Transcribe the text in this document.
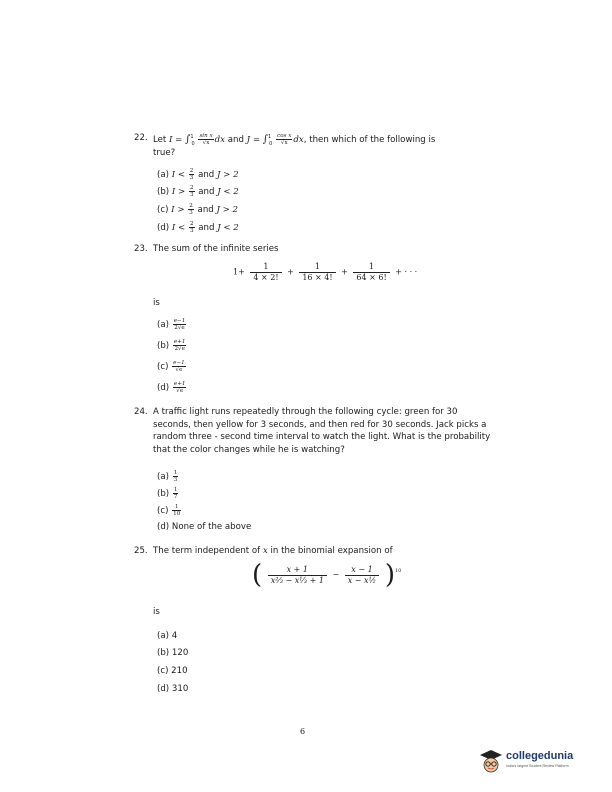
22. Let $I = \int^1_0 \frac{\text{sin x}}{√x}$ dx and $J = \int^1_0 \frac{\text{cos x}}{√x}$ dx, then which of the following is
true?
(a) $I < \frac{2}{3}$ and J > 2
(b) $I > \frac{2}{3}$ and J < 2
(c) $I > \frac{2}{3}$ and J > 2
(d) $I < \frac{2}{3}$ and J < 2
23. The sum of the infinite series
$1+ \frac{1}{4 \times 2!} + \frac{1}{16 \times 4!} + \frac{1}{64 \times 6!}$ + · · ·
is
$(a) \frac{e-1}{2√e}$
$(b) \frac{e+1}{2√e}$
$(c) \frac{e-1}{√e}$
$(d) \frac{e+1}{√e}$
24. A traffic light runs repeatedly through the following cycle: green for 30 seconds, then yellow for 3 seconds, and then red for 30 seconds. Jack picks a random three - second time interval to watch the light. What is the probability that the color changes while he is watching?
$(a) \frac{1}{3}$
$(b) \frac{1}{7}$
$(c) \frac{1}{10}$
(d) None of the above
25. The term independent of x in the binomial expansion of
( $\frac{x + 1}{\text{x⅔ − x⅓ + 1}} - \frac{x - 1}{\text{x − x½}} )^{10}$
is
(a) 4
(b) 120
(c) 210
(d) 310
6
collegedunia
India's largest Student Review Platform
